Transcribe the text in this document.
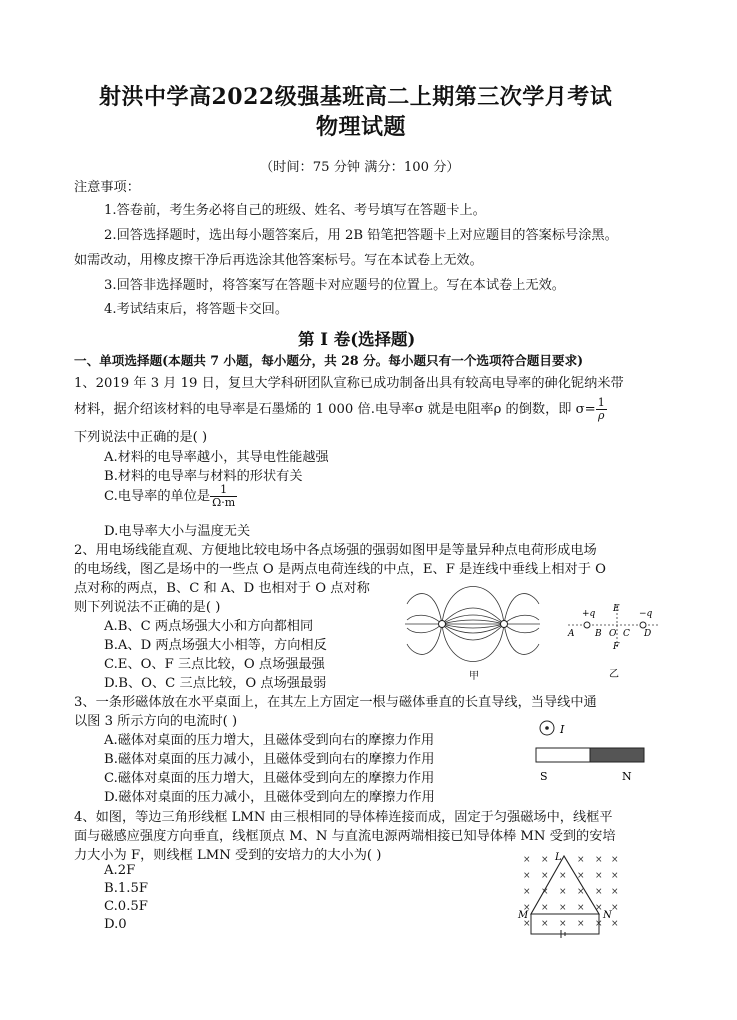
射洪中学高2022级强基班高二上期第三次学月考试
物理试题
（时间：75 分钟 满分：100 分）
注意事项：
1.答卷前，考生务必将自己的班级、姓名、考号填写在答题卡上。
2.回答选择题时，选出每小题答案后，用 2B 铅笔把答题卡上对应题目的答案标号涂黑。
如需改动，用橡皮擦干净后再选涂其他答案标号。写在本试卷上无效。
3.回答非选择题时，将答案写在答题卡对应题号的位置上。写在本试卷上无效。
4.考试结束后，将答题卡交回。
第 I 卷(选择题)
一、单项选择题(本题共 7 小题，每小题分，共 28 分。每小题只有一个选项符合题目要求)
1、2019 年 3 月 19 日，复旦大学科研团队宣称已成功制备出具有较高电导率的砷化铌纳米带
材料，据介绍该材料的电导率是石墨烯的 1 000 倍.电导率σ 就是电阻率ρ 的倒数，即 $\sigma= \frac{1}{\rho}$
下列说法中正确的是( )
A.材料的电导率越小，其导电性能越强
B.材料的电导率与材料的形状有关
C.电导率的单位是 $\frac{1}{\Omega\cdot m}$
D.电导率大小与温度无关
2、用电场线能直观、方便地比较电场中各点场强的强弱如图甲是等量异种点电荷形成电场
的电场线，图乙是场中的一些点 O 是两点电荷连线的中点，E、F 是连线中垂线上相对于 O
点对称的两点，B、C 和 A、D 也相对于 O 点对称
则下列说法不正确的是( )
A.B、C 两点场强大小和方向都相同
B.A、D 两点场强大小相等，方向相反
C.E、O、F 三点比较，O 点场强最强
D.B、O、C 三点比较，O 点场强最弱	甲
+q	−q
A B O C D
E
F
乙
3、一条形磁体放在水平桌面上，在其左上方固定一根与磁体垂直的长直导线，当导线中通
以图 3 所示方向的电流时( )
A.磁体对桌面的压力增大，且磁体受到向右的摩擦力作用
B.磁体对桌面的压力减小，且磁体受到向右的摩擦力作用
C.磁体对桌面的压力增大，且磁体受到向左的摩擦力作用
D.磁体对桌面的压力减小，且磁体受到向左的摩擦力作用
I
S	N
4、如图，等边三角形线框 LMN 由三根相同的导体棒连接而成，固定于匀强磁场中，线框平
面与磁感应强度方向垂直，线框顶点 M、N 与直流电源两端相接已知导体棒 MN 受到的安培
力大小为 F，则线框 LMN 受到的安培力的大小为( )
A.2F
B.1.5F
C.0.5F
D.0
× ×	× × ×
× × × × × ×
× × × × × ×
× × × × × ×
× × × × × ×
L
M	N
